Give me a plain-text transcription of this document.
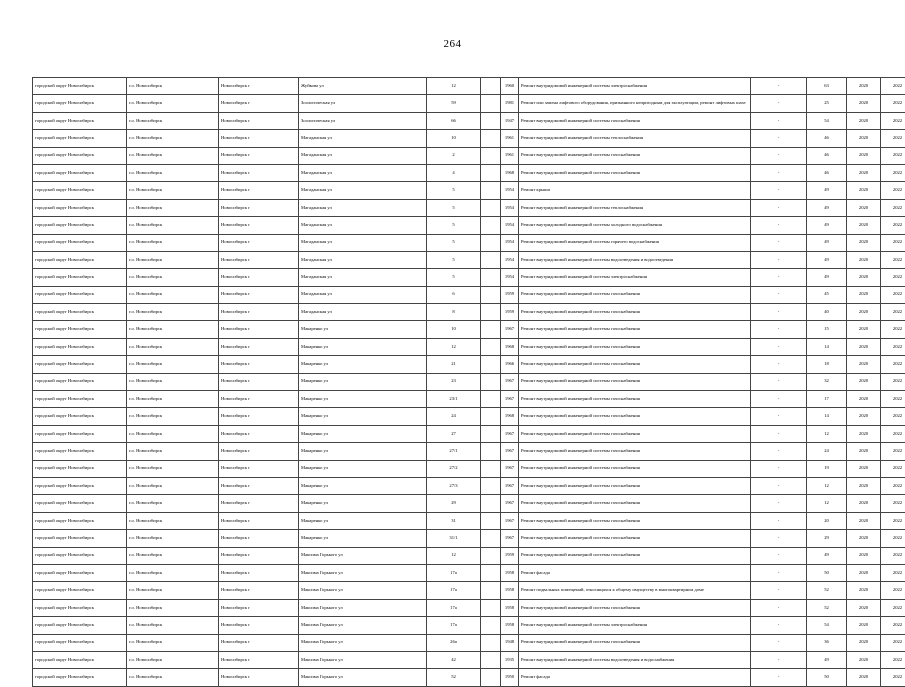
264
городской округ Новосибирск	г.о. Новосибирск	Новосибирск г	Жуйкова ул	12		1960	Ремонт внутридомовой инженерной системы электроснабжения	-	63	2020	2022
городской округ Новосибирск	г.о. Новосибирск	Новосибирск г	Зоологическая ул	59		1981	Ремонт или замена лифтового оборудования, признанного непригодным для эксплуатации, ремонт лифтовых шахт	-	25	2020	2022
городской округ Новосибирск	г.о. Новосибирск	Новосибирск г	Зоологическая ул	66		1947	Ремонт внутридомовой инженерной системы газоснабжения	-	54	2020	2022
городской округ Новосибирск	г.о. Новосибирск	Новосибирск г	Магаданская ул	10		1961	Ремонт внутридомовой инженерной системы теплоснабжения	-	46	2020	2022
городской округ Новосибирск	г.о. Новосибирск	Новосибирск г	Магаданская ул	2		1961	Ремонт внутридомовой инженерной системы газоснабжения	-	46	2020	2022
городской округ Новосибирск	г.о. Новосибирск	Новосибирск г	Магаданская ул	4		1968	Ремонт внутридомовой инженерной системы газоснабжения	-	46	2020	2022
городской округ Новосибирск	г.о. Новосибирск	Новосибирск г	Магаданская ул	5		1954	Ремонт крыши	-	49	2020	2022
городской округ Новосибирск	г.о. Новосибирск	Новосибирск г	Магаданская ул	5		1954	Ремонт внутридомовой инженерной системы теплоснабжения	-	49	2020	2022
городской округ Новосибирск	г.о. Новосибирск	Новосибирск г	Магаданская ул	5		1954	Ремонт внутридомовой инженерной системы холодного водоснабжения	-	49	2020	2022
городской округ Новосибирск	г.о. Новосибирск	Новосибирск г	Магаданская ул	5		1954	Ремонт внутридомовой инженерной системы горячего водоснабжения	-	49	2020	2022
городской округ Новосибирск	г.о. Новосибирск	Новосибирск г	Магаданская ул	5		1954	Ремонт внутридомовой инженерной системы водоотведения и водоотведения	-	49	2020	2022
городской округ Новосибирск	г.о. Новосибирск	Новосибирск г	Магаданская ул	5		1954	Ремонт внутридомовой инженерной системы электроснабжения	-	49	2020	2022
городской округ Новосибирск	г.о. Новосибирск	Новосибирск г	Магаданская ул	6		1959	Ремонт внутридомовой инженерной системы газоснабжения	-	45	2020	2022
городской округ Новосибирск	г.о. Новосибирск	Новосибирск г	Магаданская ул	8		1959	Ремонт внутридомовой инженерной системы газоснабжения	-	40	2020	2022
городской округ Новосибирск	г.о. Новосибирск	Новосибирск г	Макаренко ул	10		1967	Ремонт внутридомовой инженерной системы газоснабжения	-	15	2020	2022
городской округ Новосибирск	г.о. Новосибирск	Новосибирск г	Макаренко ул	12		1968	Ремонт внутридомовой инженерной системы газоснабжения	-	14	2020	2022
городской округ Новосибирск	г.о. Новосибирск	Новосибирск г	Макаренко ул	21		1966	Ремонт внутридомовой инженерной системы газоснабжения	-	18	2020	2022
городской округ Новосибирск	г.о. Новосибирск	Новосибирск г	Макаренко ул	23		1967	Ремонт внутридомовой инженерной системы газоснабжения	-	32	2020	2022
городской округ Новосибирск	г.о. Новосибирск	Новосибирск г	Макаренко ул	23/1		1967	Ремонт внутридомовой инженерной системы газоснабжения	-	17	2020	2022
городской округ Новосибирск	г.о. Новосибирск	Новосибирск г	Макаренко ул	24		1968	Ремонт внутридомовой инженерной системы газоснабжения	-	14	2020	2022
городской округ Новосибирск	г.о. Новосибирск	Новосибирск г	Макаренко ул	27		1967	Ремонт внутридомовой инженерной системы газоснабжения	-	12	2020	2022
городской округ Новосибирск	г.о. Новосибирск	Новосибирск г	Макаренко ул	27/1		1967	Ремонт внутридомовой инженерной системы газоснабжения	-	24	2020	2022
городской округ Новосибирск	г.о. Новосибирск	Новосибирск г	Макаренко ул	27/2		1967	Ремонт внутридомовой инженерной системы газоснабжения	-	19	2020	2022
городской округ Новосибирск	г.о. Новосибирск	Новосибирск г	Макаренко ул	27/3		1967	Ремонт внутридомовой инженерной системы газоснабжения	-	12	2020	2022
городской округ Новосибирск	г.о. Новосибирск	Новосибирск г	Макаренко ул	29		1967	Ремонт внутридомовой инженерной системы газоснабжения	-	12	2020	2022
городской округ Новосибирск	г.о. Новосибирск	Новосибирск г	Макаренко ул	31		1967	Ремонт внутридомовой инженерной системы газоснабжения	-	20	2020	2022
городской округ Новосибирск	г.о. Новосибирск	Новосибирск г	Макаренко ул	31/1		1967	Ремонт внутридомовой инженерной системы газоснабжения	-	29	2020	2022
городской округ Новосибирск	г.о. Новосибирск	Новосибирск г	Максима Горького ул	12		1959	Ремонт внутридомовой инженерной системы газоснабжения	-	49	2020	2022
городской округ Новосибирск	г.о. Новосибирск	Новосибирск г	Максима Горького ул	17а		1958	Ремонт фасада	-	50	2020	2022
городской округ Новосибирск	г.о. Новосибирск	Новосибирск г	Максима Горького ул	17а		1958	Ремонт подвальных помещений, относящихся к общему имуществу в многоквартирном доме	-	52	2020	2022
городской округ Новосибирск	г.о. Новосибирск	Новосибирск г	Максима Горького ул	17а		1958	Ремонт внутридомовой инженерной системы газоснабжения	-	52	2020	2022
городской округ Новосибирск	г.о. Новосибирск	Новосибирск г	Максима Горького ул	17а		1958	Ремонт внутридомовой инженерной системы электроснабжения	-	54	2020	2022
городской округ Новосибирск	г.о. Новосибирск	Новосибирск г	Максима Горького ул	26а		1948	Ремонт внутридомовой инженерной системы газоснабжения	-	36	2020	2022
городской округ Новосибирск	г.о. Новосибирск	Новосибирск г	Максима Горького ул	42		1935	Ремонт внутридомовой инженерной системы водоотведения и водоснабжения	-	49	2020	2022
городской округ Новосибирск	г.о. Новосибирск	Новосибирск г	Максима Горького ул	52		1950	Ремонт фасада	-	50	2020	2022
